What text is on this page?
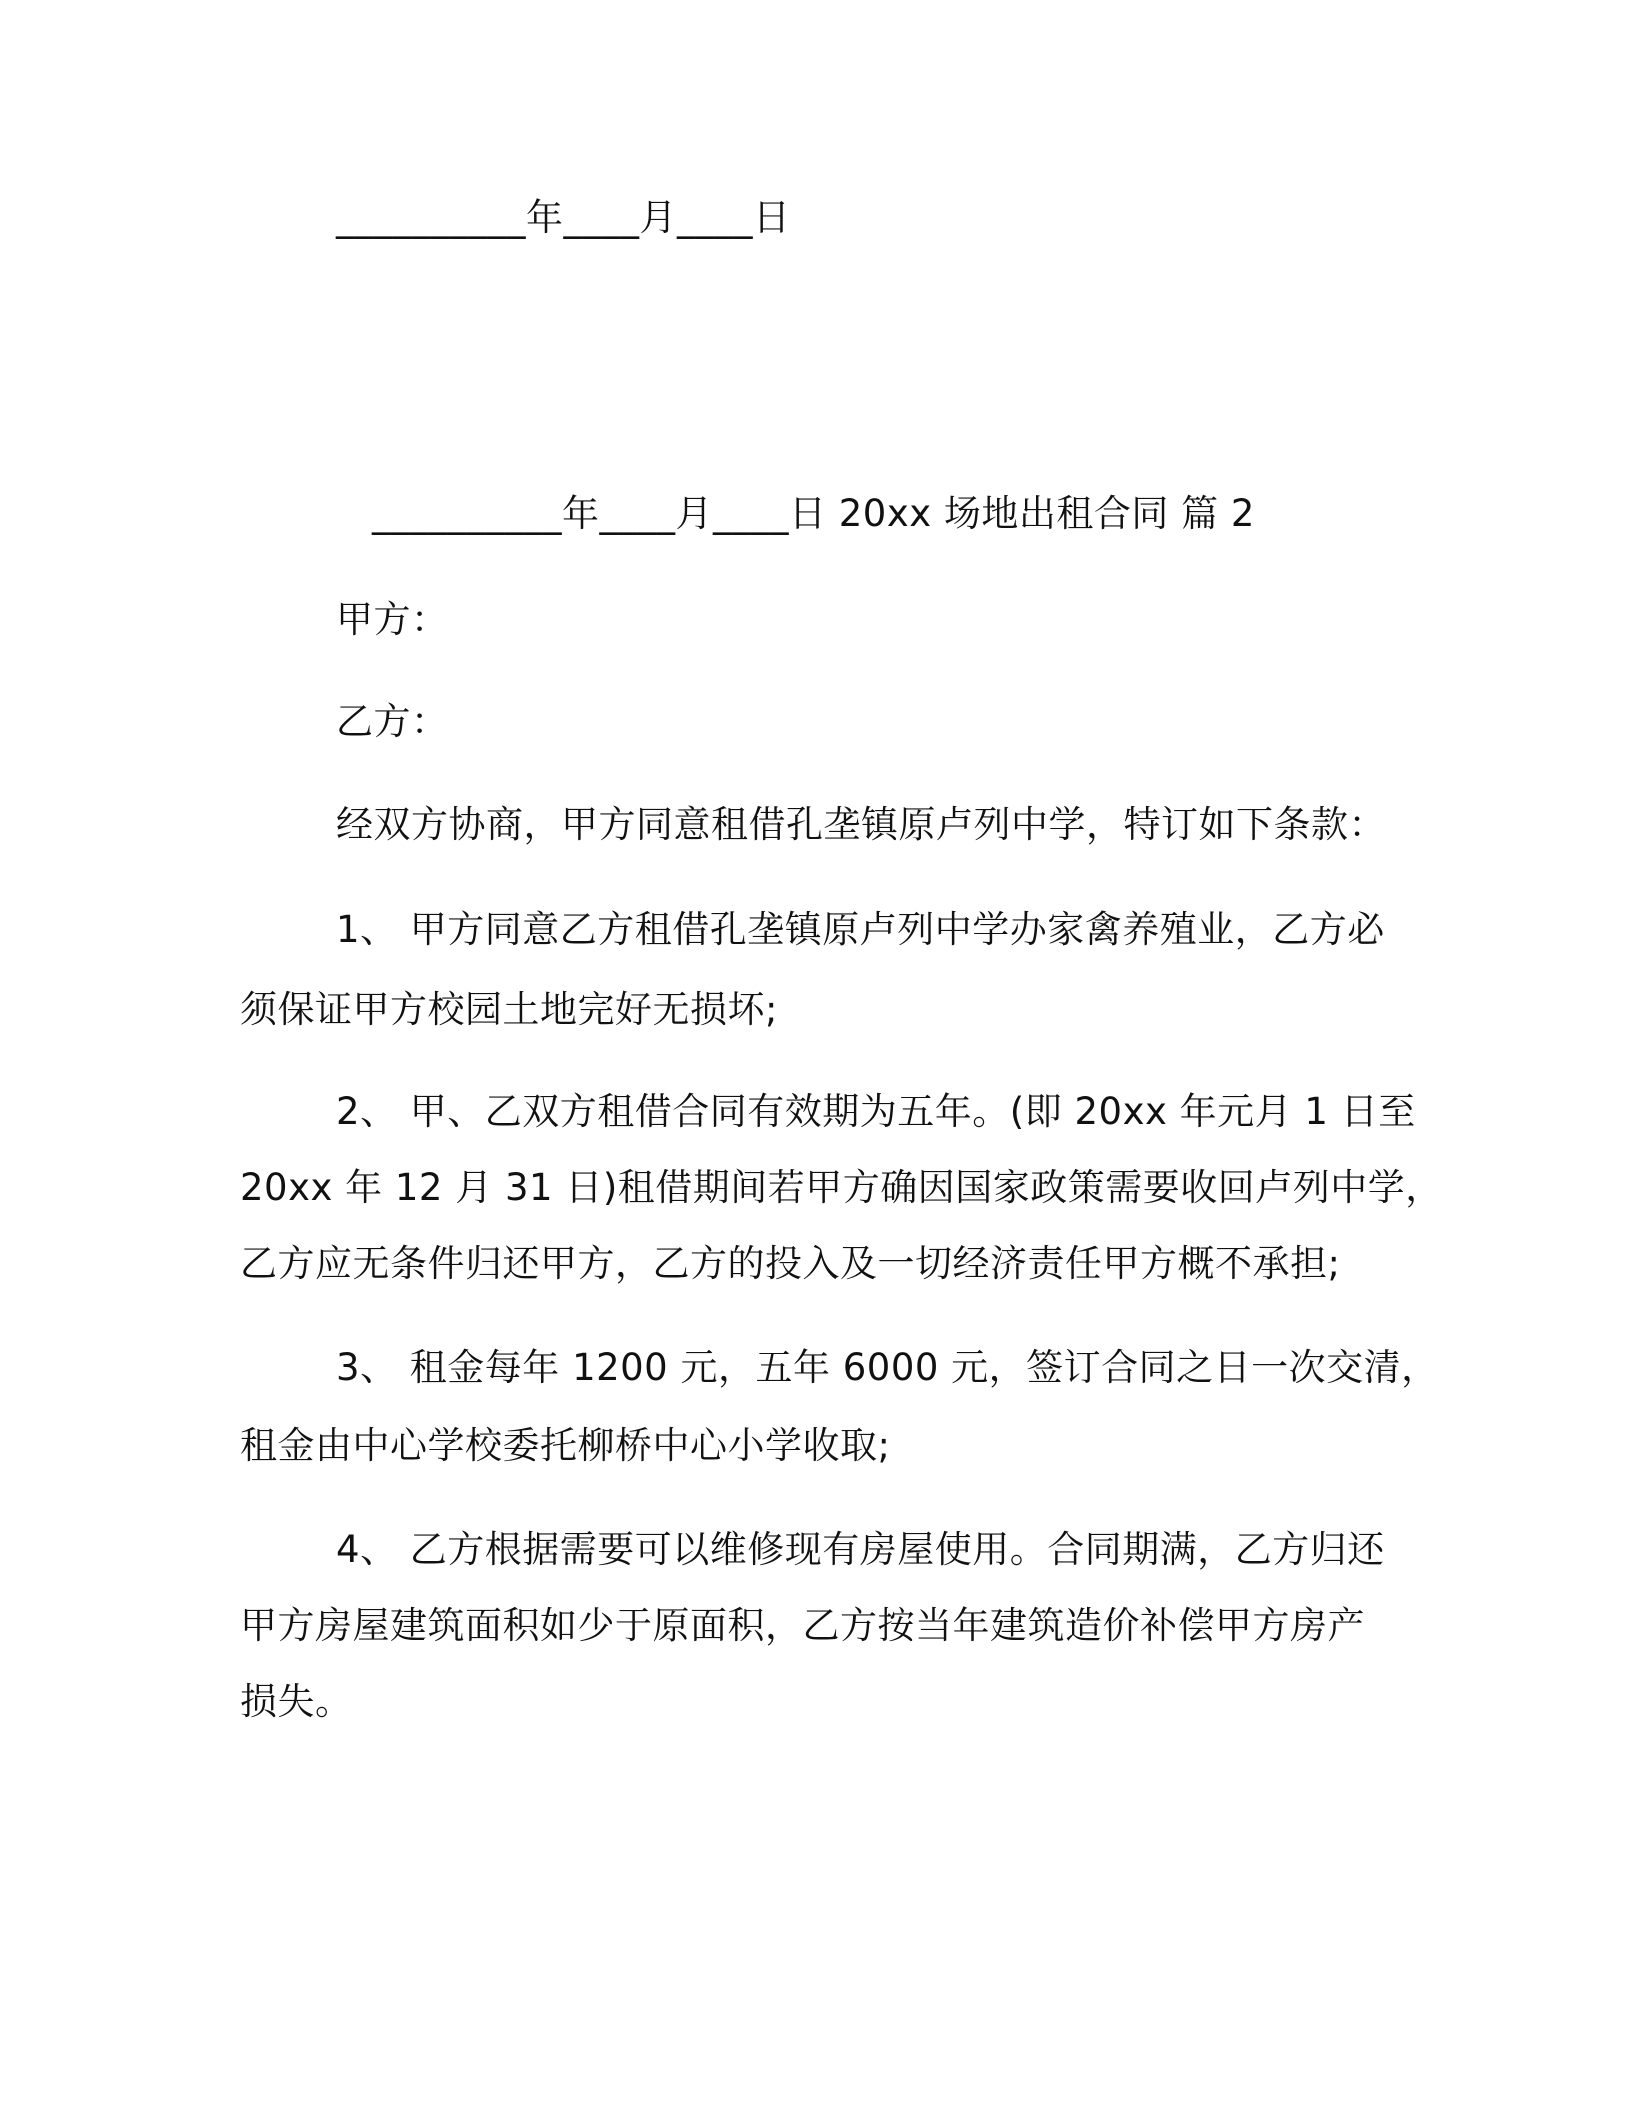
__________年____月____日
__________年____月____日 20xx 场地出租合同 篇 2
甲方：
乙方：
经双方协商，甲方同意租借孔垄镇原卢列中学，特订如下条款：
1、 甲方同意乙方租借孔垄镇原卢列中学办家禽养殖业，乙方必
须保证甲方校园土地完好无损坏;
2、 甲、乙双方租借合同有效期为五年。(即 20xx 年元月 1 日至
20xx 年 12 月 31 日)租借期间若甲方确因国家政策需要收回卢列中学，
乙方应无条件归还甲方，乙方的投入及一切经济责任甲方概不承担;
3、 租金每年 1200 元，五年 6000 元，签订合同之日一次交清，
租金由中心学校委托柳桥中心小学收取;
4、 乙方根据需要可以维修现有房屋使用。合同期满，乙方归还
甲方房屋建筑面积如少于原面积，乙方按当年建筑造价补偿甲方房产
损失。
